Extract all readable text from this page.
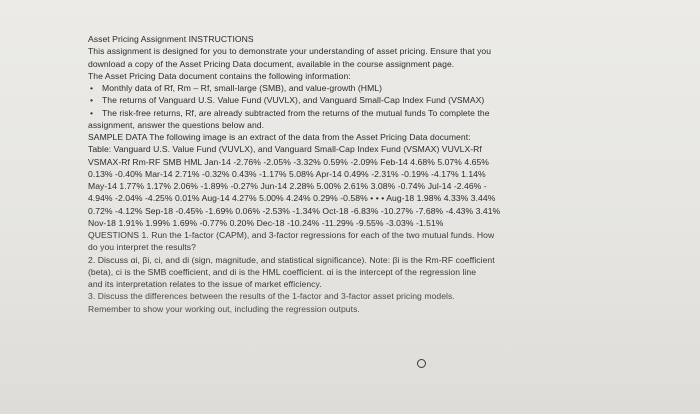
Asset Pricing Assignment INSTRUCTIONS
This assignment is designed for you to demonstrate your understanding of asset pricing. Ensure that you
download a copy of the Asset Pricing Data document, available in the course assignment page.
The Asset Pricing Data document contains the following information:
• Monthly data of Rf, Rm – Rf, small-large (SMB), and value-growth (HML)
• The returns of Vanguard U.S. Value Fund (VUVLX), and Vanguard Small-Cap Index Fund (VSMAX)
• The risk-free returns, Rf, are already subtracted from the returns of the mutual funds To complete the
assignment, answer the questions below and.
SAMPLE DATA The following image is an extract of the data from the Asset Pricing Data document:
Table: Vanguard U.S. Value Fund (VUVLX), and Vanguard Small-Cap Index Fund (VSMAX) VUVLX-Rf
VSMAX-Rf Rm-RF SMB HML Jan-14 -2.76% -2.05% -3.32% 0.59% -2.09% Feb-14 4.68% 5.07% 4.65%
0.13% -0.40% Mar-14 2.71% -0.32% 0.43% -1.17% 5.08% Apr-14 0.49% -2.31% -0.19% -4.17% 1.14%
May-14 1.77% 1.17% 2.06% -1.89% -0.27% Jun-14 2.28% 5.00% 2.61% 3.08% -0.74% Jul-14 -2.46% -
4.94% -2.04% -4.25% 0.01% Aug-14 4.27% 5.00% 4.24% 0.29% -0.58% • • • Aug-18 1.98% 4.33% 3.44%
0.72% -4.12% Sep-18 -0.45% -1.69% 0.06% -2.53% -1.34% Oct-18 -6.83% -10.27% -7.68% -4.43% 3.41%
Nov-18 1.91% 1.99% 1.69% -0.77% 0.20% Dec-18 -10.24% -11.29% -9.55% -3.03% -1.51%
QUESTIONS 1. Run the 1-factor (CAPM), and 3-factor regressions for each of the two mutual funds. How
do you interpret the results?
2. Discuss αi, βi, ci, and di (sign, magnitude, and statistical significance). Note: βi is the Rm-RF coefficient
(beta), ci is the SMB coefficient, and di is the HML coefficient. αi is the intercept of the regression line
and its interpretation relates to the issue of market efficiency.
3. Discuss the differences between the results of the 1-factor and 3-factor asset pricing models.
Remember to show your working out, including the regression outputs.
